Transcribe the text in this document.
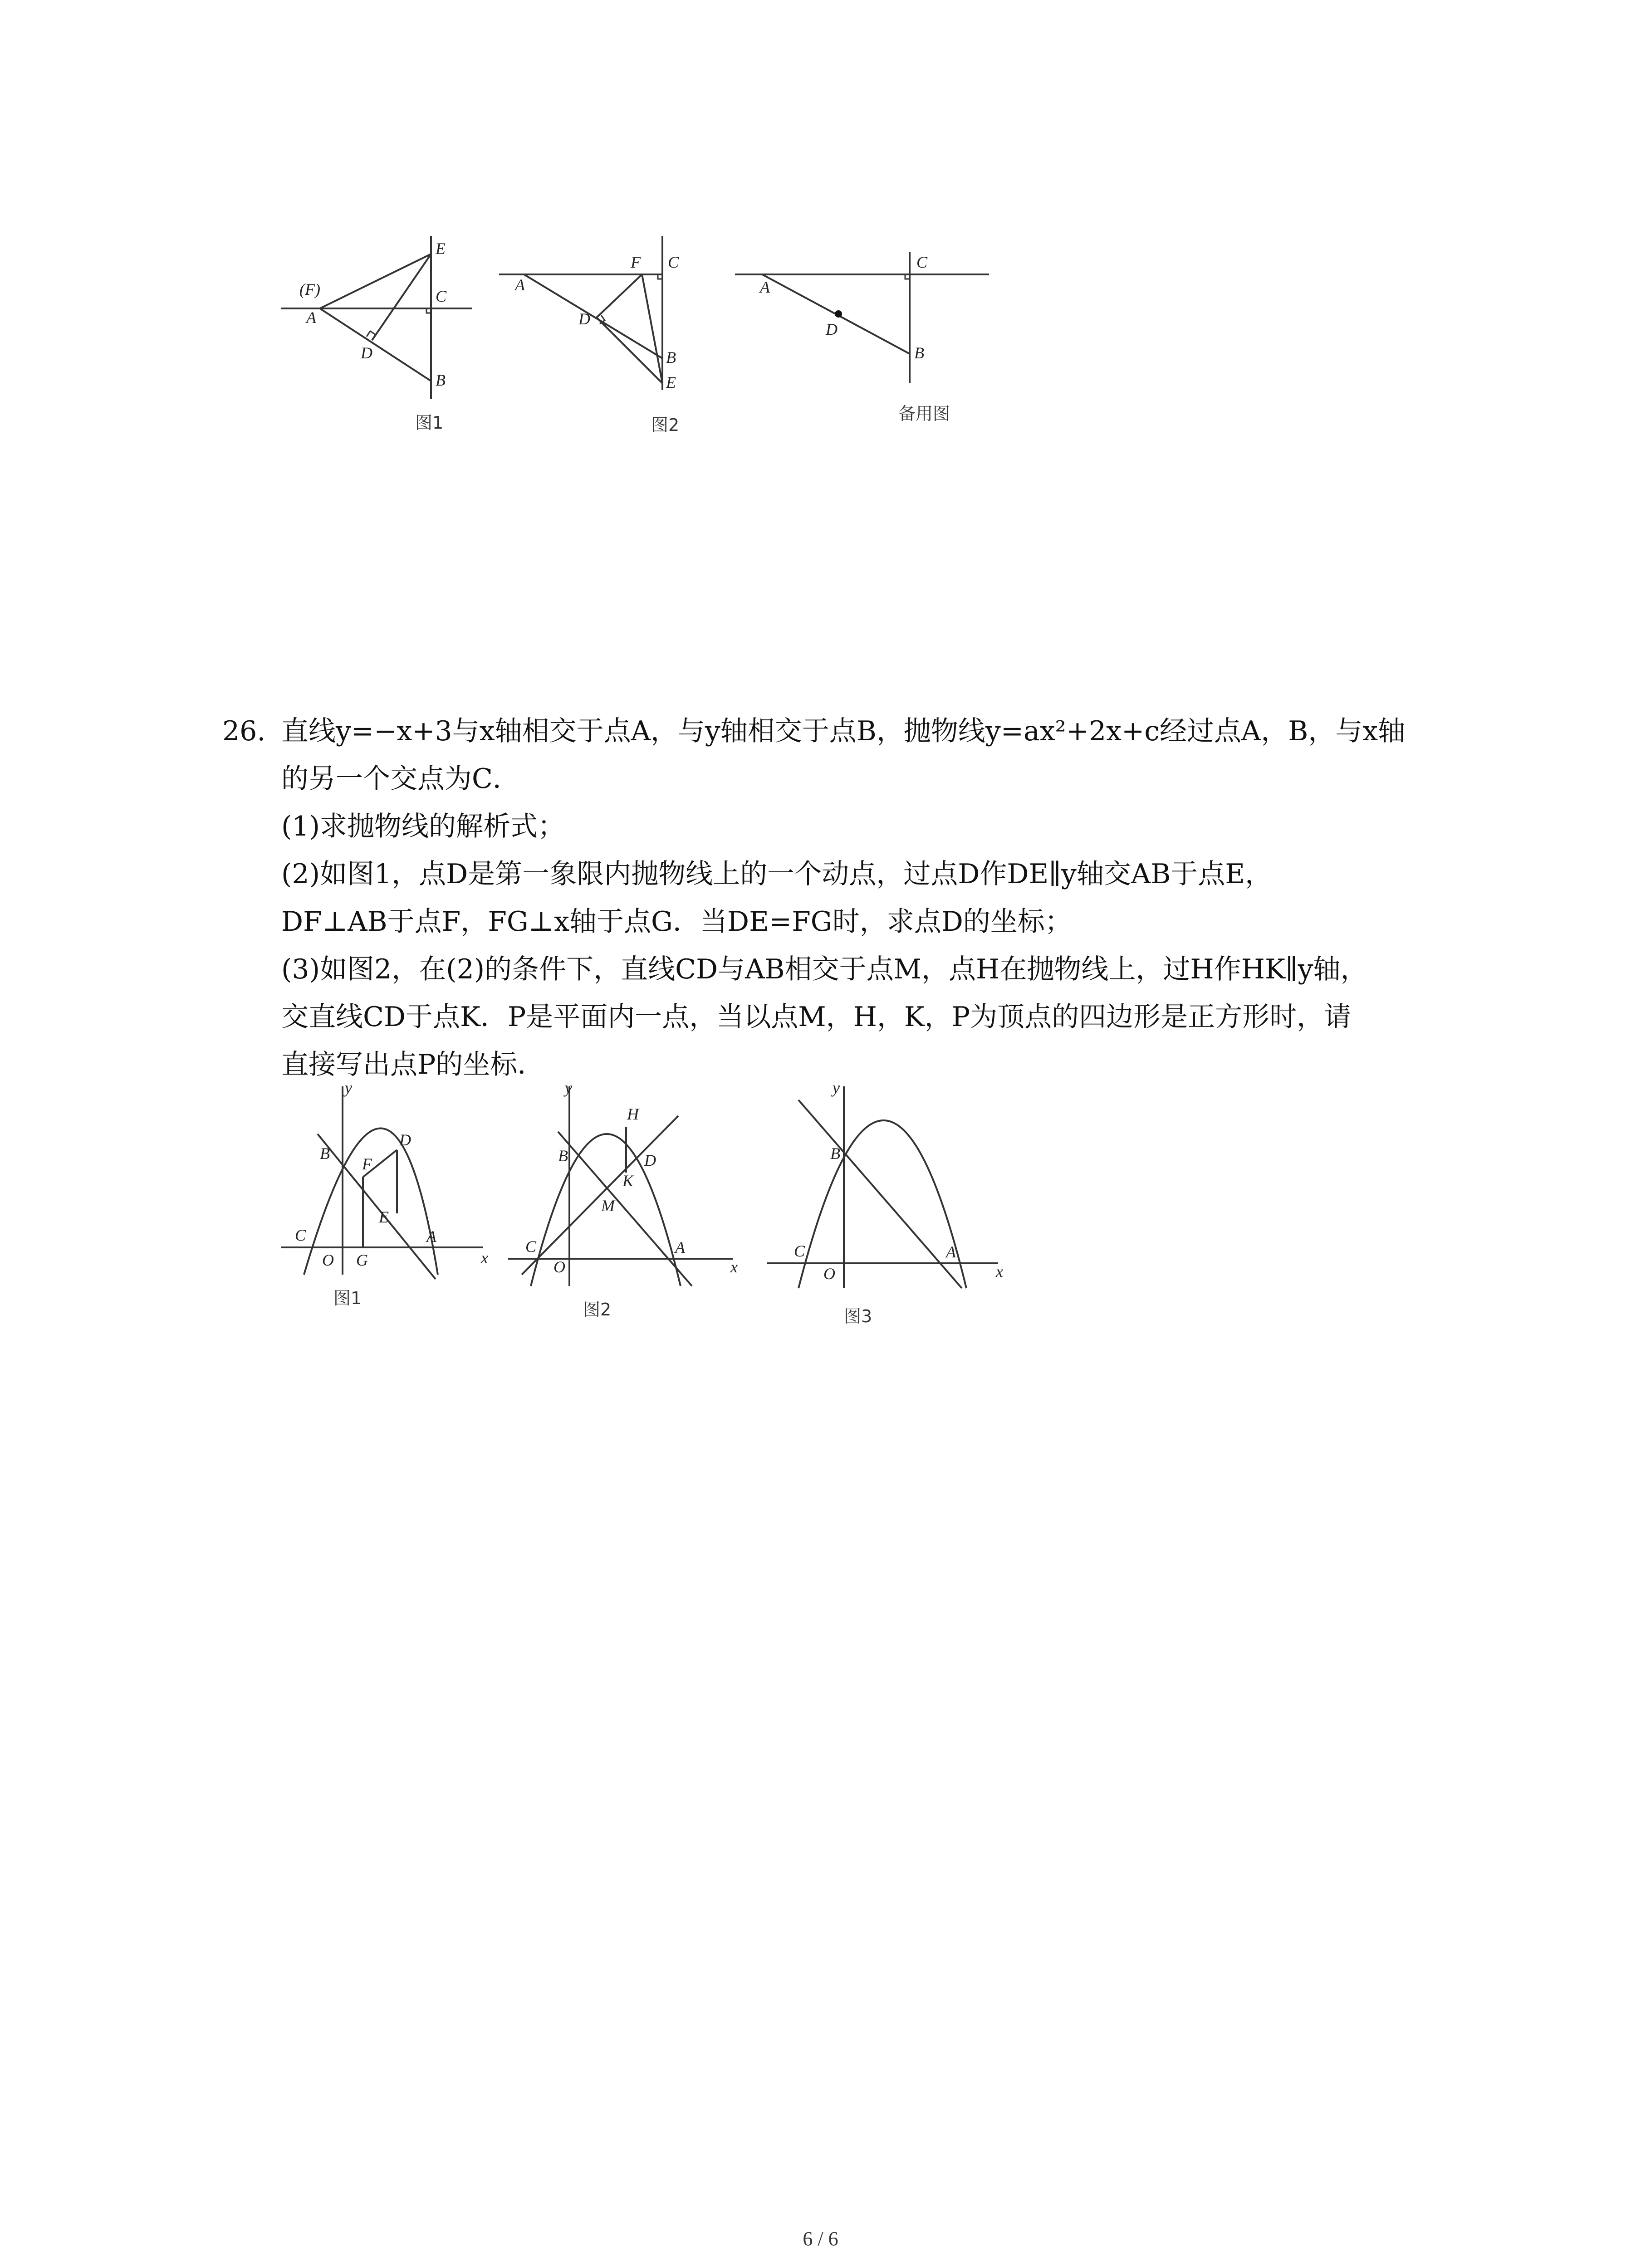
(F)
A
E
C
D
B
图1
A
F C
D
B
E
图2
A
C
D
B
备用图
26. 直线y=−x+3与x轴相交于点A，与y轴相交于点B，抛物线y=ax²+2x+c经过点A，B，与x轴
的另一个交点为C．
(1)求抛物线的解析式；
(2)如图1，点D是第一象限内抛物线上的一个动点，过点D作DE∥y轴交AB于点E，
DF⊥AB于点F，FG⊥x轴于点G．当DE=FG时，求点D的坐标；
(3)如图2，在(2)的条件下，直线CD与AB相交于点M，点H在抛物线上，过H作HK∥y轴，
交直线CD于点K．P是平面内一点，当以点M，H，K，P为顶点的四边形是正方形时，请
直接写出点P的坐标．
y
x
B
D
F
E
C
O G
A
图1
y
x
H
B	D
K
M
C
O
A
图2
y
x
B
C
O
A
图3
6 / 6
